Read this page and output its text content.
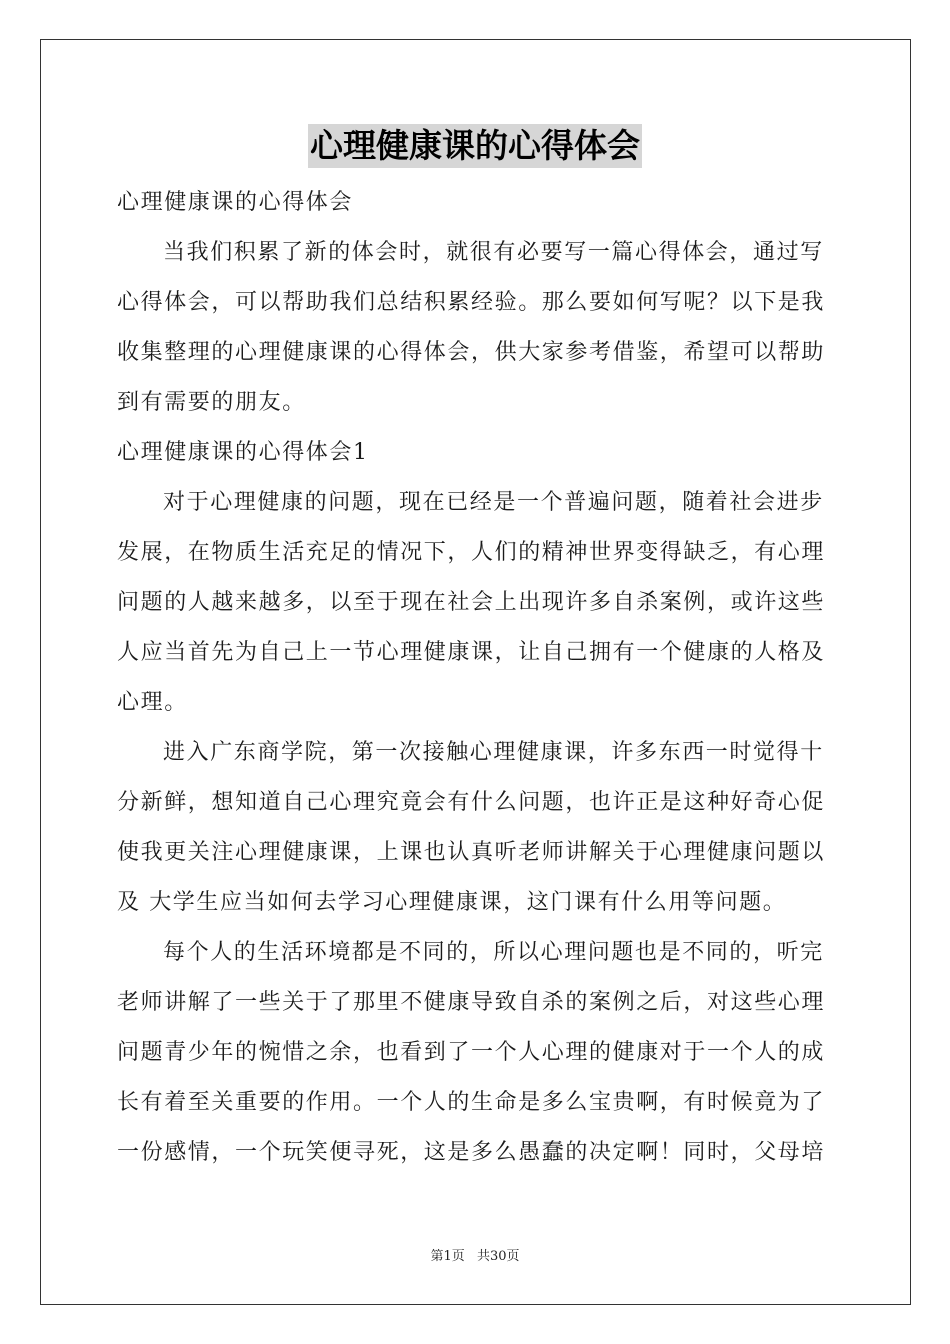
心理健康课的心得体会
心理健康课的心得体会
当我们积累了新的体会时，就很有必要写一篇心得体会，通过写
心得体会，可以帮助我们总结积累经验。那么要如何写呢？以下是我
收集整理的心理健康课的心得体会，供大家参考借鉴，希望可以帮助
到有需要的朋友。
心理健康课的心得体会1
对于心理健康的问题，现在已经是一个普遍问题，随着社会进步
发展，在物质生活充足的情况下，人们的精神世界变得缺乏，有心理
问题的人越来越多，以至于现在社会上出现许多自杀案例，或许这些
人应当首先为自己上一节心理健康课，让自己拥有一个健康的人格及
心理。
进入广东商学院，第一次接触心理健康课，许多东西一时觉得十
分新鲜，想知道自己心理究竟会有什么问题，也许正是这种好奇心促
使我更关注心理健康课，上课也认真听老师讲解关于心理健康问题以
及 大学生应当如何去学习心理健康课，这门课有什么用等问题。
每个人的生活环境都是不同的，所以心理问题也是不同的，听完
老师讲解了一些关于了那里不健康导致自杀的案例之后，对这些心理
问题青少年的惋惜之余，也看到了一个人心理的健康对于一个人的成
长有着至关重要的作用。一个人的生命是多么宝贵啊，有时候竟为了
一份感情，一个玩笑便寻死，这是多么愚蠢的决定啊！同时，父母培
第1页 共30页
